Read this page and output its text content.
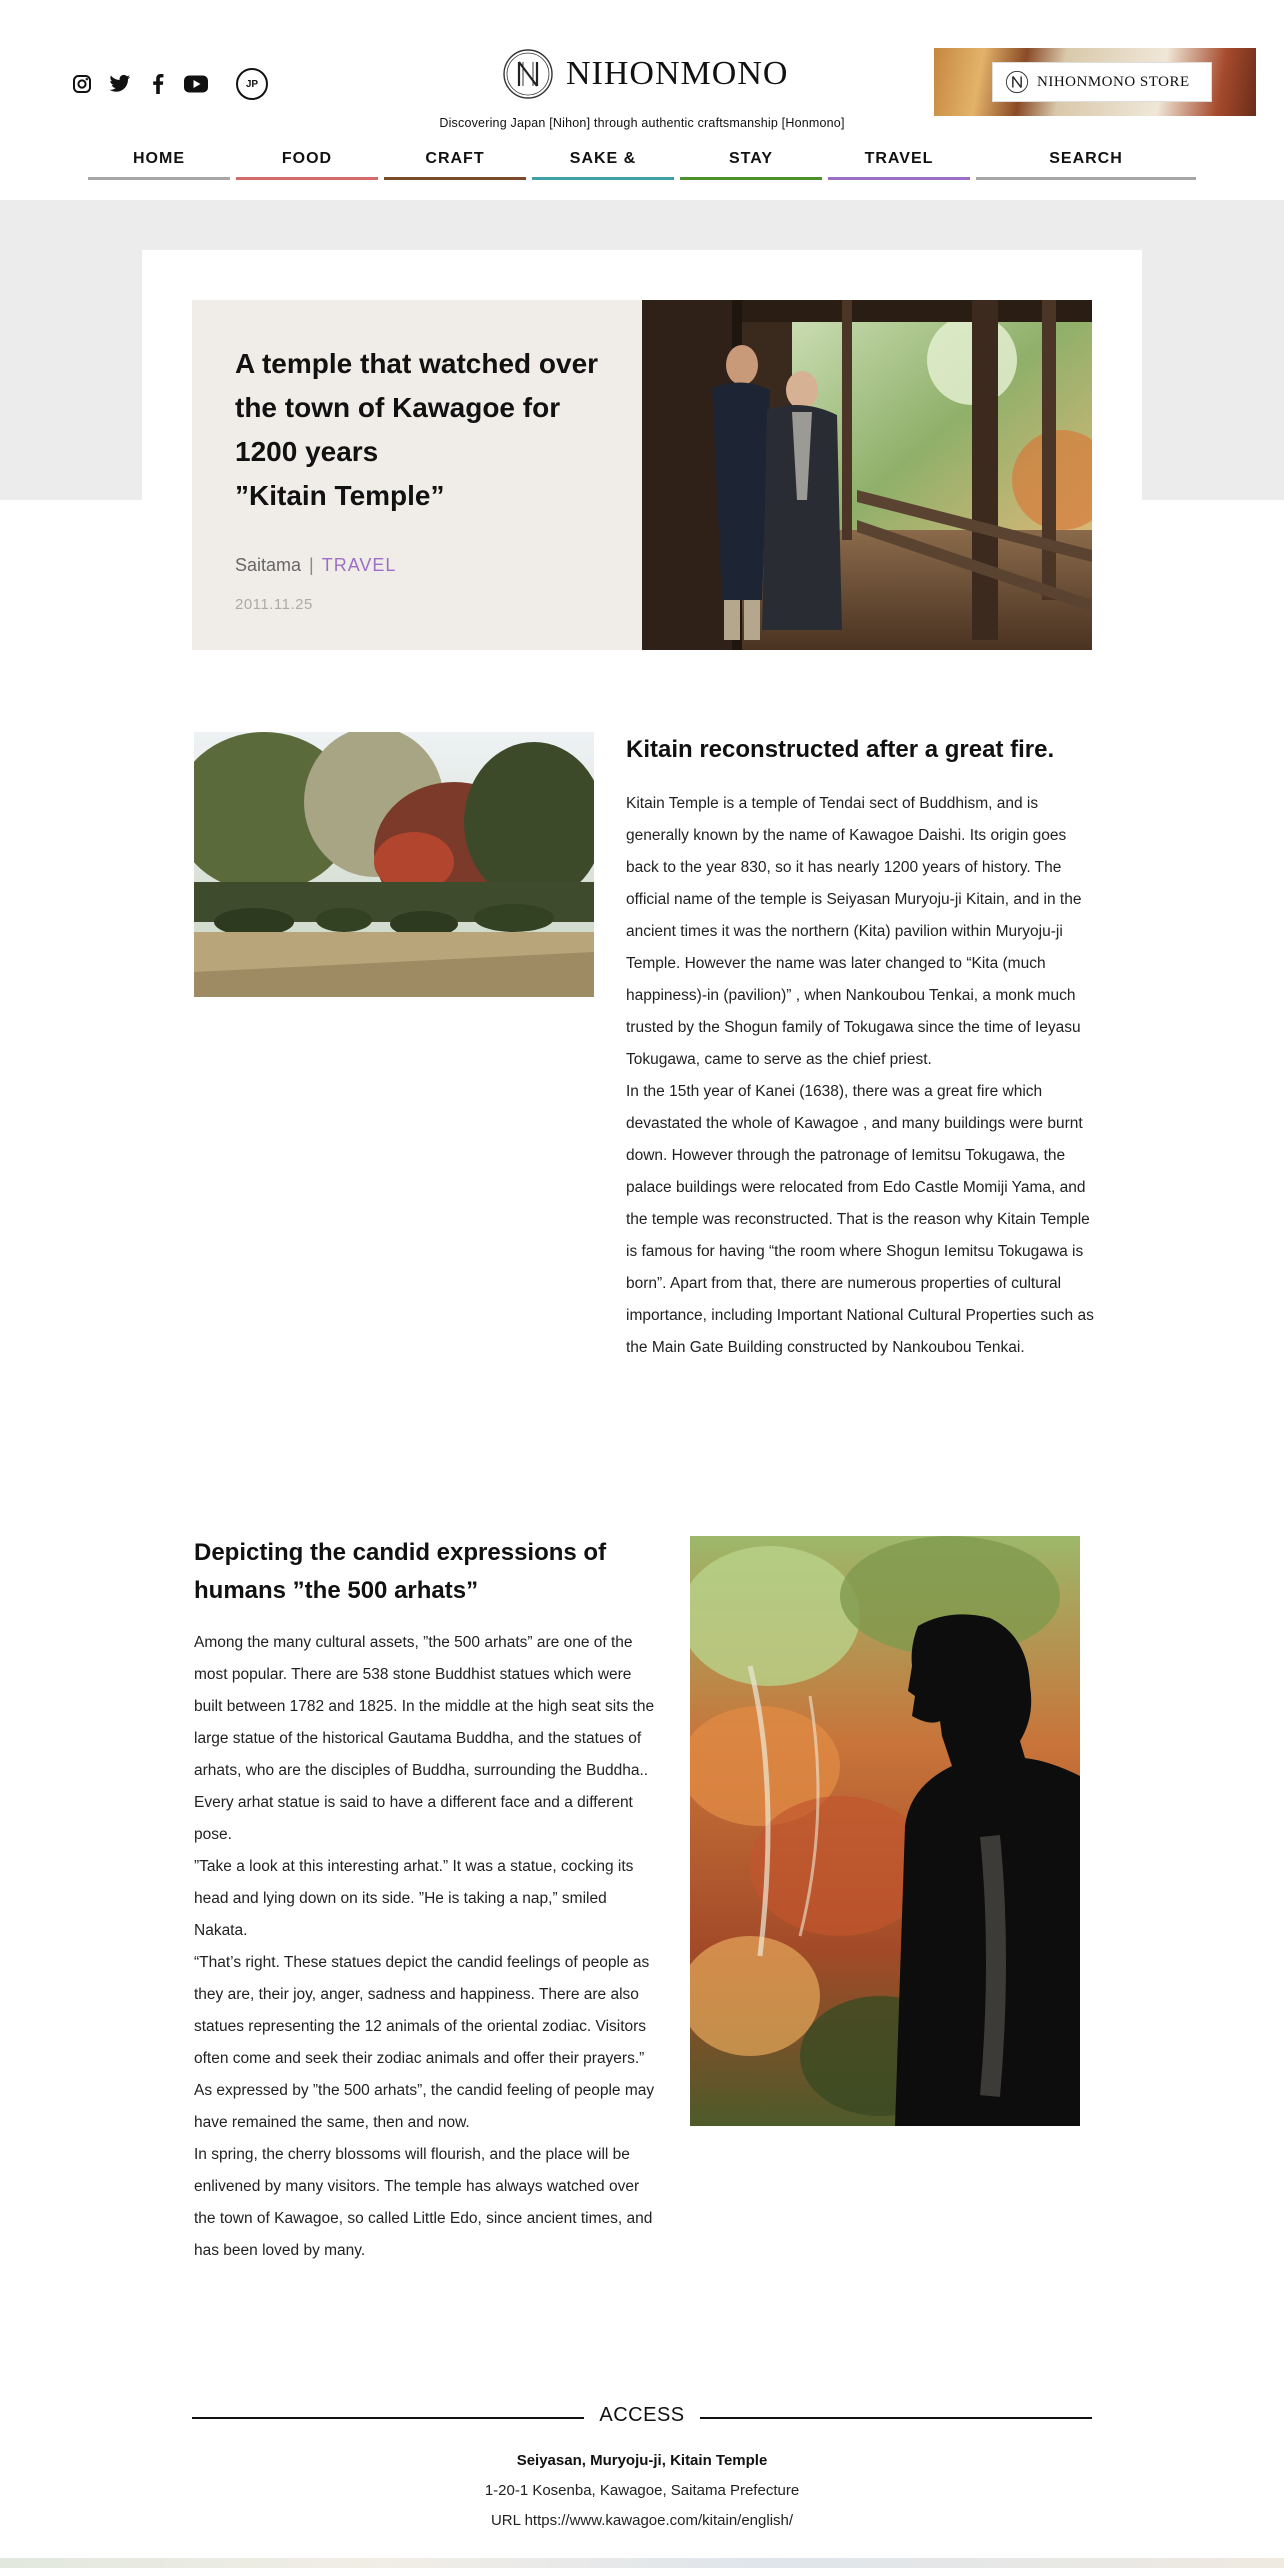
JP	NIHONMONO
Discovering Japan [Nihon] through authentic craftsmanship [Honmono]
NIHONMONO STORE
HOME	FOOD	CRAFT	SAKE &	STAY	TRAVEL	SEARCH
A temple that watched over
the town of Kawagoe for
1200 years
”Kitain Temple”
Saitama | TRAVEL
2011.11.25
Kitain reconstructed after a great fire.

Kitain Temple is a temple of Tendai sect of Buddhism, and is generally known by the name of Kawagoe Daishi. Its origin goes back to the year 830, so it has nearly 1200 years of history. The official name of the temple is Seiyasan Muryoju-ji Kitain, and in the ancient times it was the northern (Kita) pavilion within Muryoju-ji Temple. However the name was later changed to “Kita (much happiness)-in (pavilion)” , when Nankoubou Tenkai, a monk much trusted by the Shogun family of Tokugawa since the time of Ieyasu Tokugawa, came to serve as the chief priest.

In the 15th year of Kanei (1638), there was a great fire which devastated the whole of Kawagoe , and many buildings were burnt down. However through the patronage of Iemitsu Tokugawa, the palace buildings were relocated from Edo Castle Momiji Yama, and the temple was reconstructed. That is the reason why Kitain Temple is famous for having “the room where Shogun Iemitsu Tokugawa is born”. Apart from that, there are numerous properties of cultural importance, including Important National Cultural Properties such as the Main Gate Building constructed by Nankoubou Tenkai.

Depicting the candid expressions of
humans ”the 500 arhats”

Among the many cultural assets, ”the 500 arhats” are one of the most popular. There are 538 stone Buddhist statues which were built between 1782 and 1825. In the middle at the high seat sits the large statue of the historical Gautama Buddha, and the statues of arhats, who are the disciples of Buddha, surrounding the Buddha.. Every arhat statue is said to have a different face and a different pose.

”Take a look at this interesting arhat.” It was a statue, cocking its head and lying down on its side. ”He is taking a nap,” smiled Nakata.

“That’s right. These statues depict the candid feelings of people as they are, their joy, anger, sadness and happiness. There are also statues representing the 12 animals of the oriental zodiac. Visitors often come and seek their zodiac animals and offer their prayers.”

As expressed by ”the 500 arhats”, the candid feeling of people may have remained the same, then and now.

In spring, the cherry blossoms will flourish, and the place will be enlivened by many visitors. The temple has always watched over the town of Kawagoe, so called Little Edo, since ancient times, and has been loved by many.

ACCESS
Seiyasan, Muryoju-ji, Kitain Temple
1-20-1 Kosenba, Kawagoe, Saitama Prefecture
URL https://www.kawagoe.com/kitain/english/
